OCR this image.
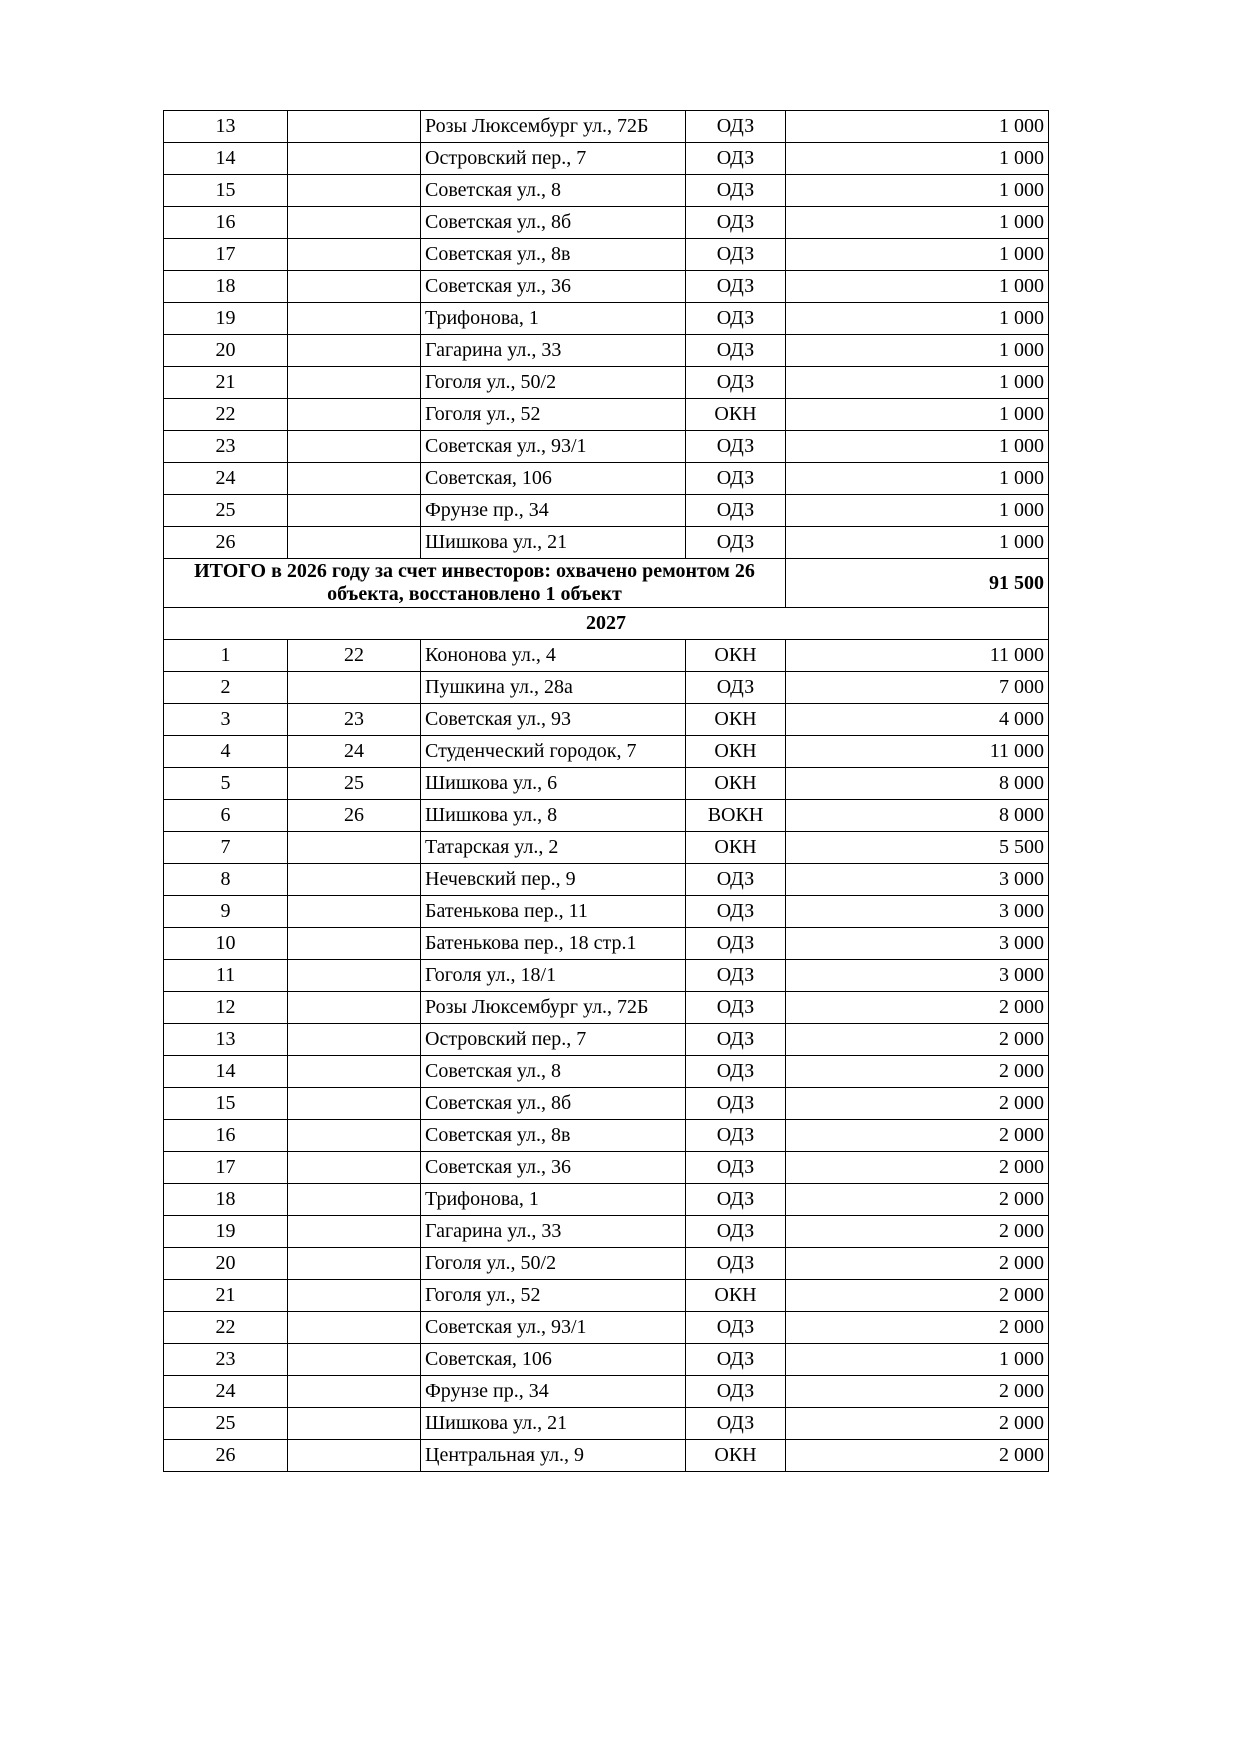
13		Розы Люксембург ул., 72Б	ОДЗ	1 000
14		Островский пер., 7	ОДЗ	1 000
15		Советская ул., 8	ОДЗ	1 000
16		Советская ул., 8б	ОДЗ	1 000
17		Советская ул., 8в	ОДЗ	1 000
18		Советская ул., 36	ОДЗ	1 000
19		Трифонова, 1	ОДЗ	1 000
20		Гагарина ул., 33	ОДЗ	1 000
21		Гоголя ул., 50/2	ОДЗ	1 000
22		Гоголя ул., 52	ОКН	1 000
23		Советская ул., 93/1	ОДЗ	1 000
24		Советская, 106	ОДЗ	1 000
25		Фрунзе пр., 34	ОДЗ	1 000
26		Шишкова ул., 21	ОДЗ	1 000
ИТОГО в 2026 году за счет инвесторов: охвачено ремонтом 26 объекта, восстановлено 1 объект				91 500
2027				
1	22	Кононова ул., 4	ОКН	11 000
2		Пушкина ул., 28а	ОДЗ	7 000
3	23	Советская ул., 93	ОКН	4 000
4	24	Студенческий городок, 7	ОКН	11 000
5	25	Шишкова ул., 6	ОКН	8 000
6	26	Шишкова ул., 8	ВОКН	8 000
7		Татарская ул., 2	ОКН	5 500
8		Нечевский пер., 9	ОДЗ	3 000
9		Батенькова пер., 11	ОДЗ	3 000
10		Батенькова пер., 18 стр.1	ОДЗ	3 000
11		Гоголя ул., 18/1	ОДЗ	3 000
12		Розы Люксембург ул., 72Б	ОДЗ	2 000
13		Островский пер., 7	ОДЗ	2 000
14		Советская ул., 8	ОДЗ	2 000
15		Советская ул., 8б	ОДЗ	2 000
16		Советская ул., 8в	ОДЗ	2 000
17		Советская ул., 36	ОДЗ	2 000
18		Трифонова, 1	ОДЗ	2 000
19		Гагарина ул., 33	ОДЗ	2 000
20		Гоголя ул., 50/2	ОДЗ	2 000
21		Гоголя ул., 52	ОКН	2 000
22		Советская ул., 93/1	ОДЗ	2 000
23		Советская, 106	ОДЗ	1 000
24		Фрунзе пр., 34	ОДЗ	2 000
25		Шишкова ул., 21	ОДЗ	2 000
26		Центральная ул., 9	ОКН	2 000
